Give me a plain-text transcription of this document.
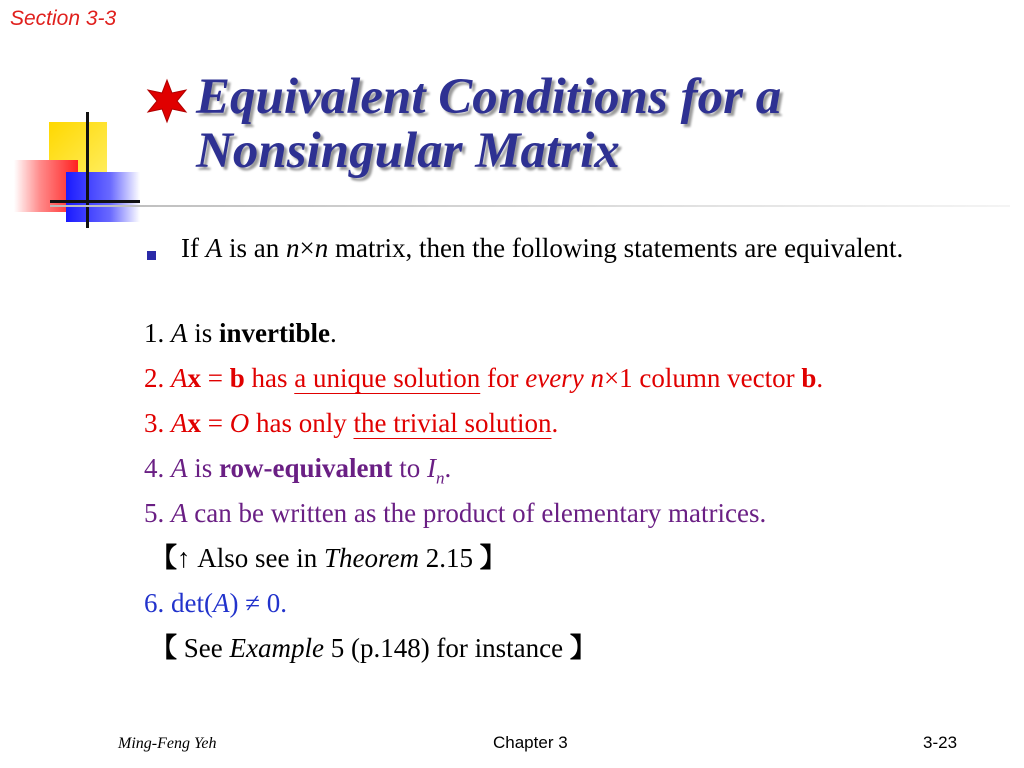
Section 3-3
Equivalent Conditions for a
Nonsingular Matrix
If A is an n×n matrix, then the following statements are equivalent.
1. A is invertible.
2. Ax = b has a unique solution for every n×1 column vector b.
3. Ax = O has only the trivial solution.
4. A is row-equivalent to $I_n$.
5. A can be written as the product of elementary matrices.
【↑ Also see in Theorem 2.15 】
6. det(A) ≠ 0.
【 See Example 5 (p.148) for instance 】
Ming-Feng Yeh	Chapter 3	3-23
